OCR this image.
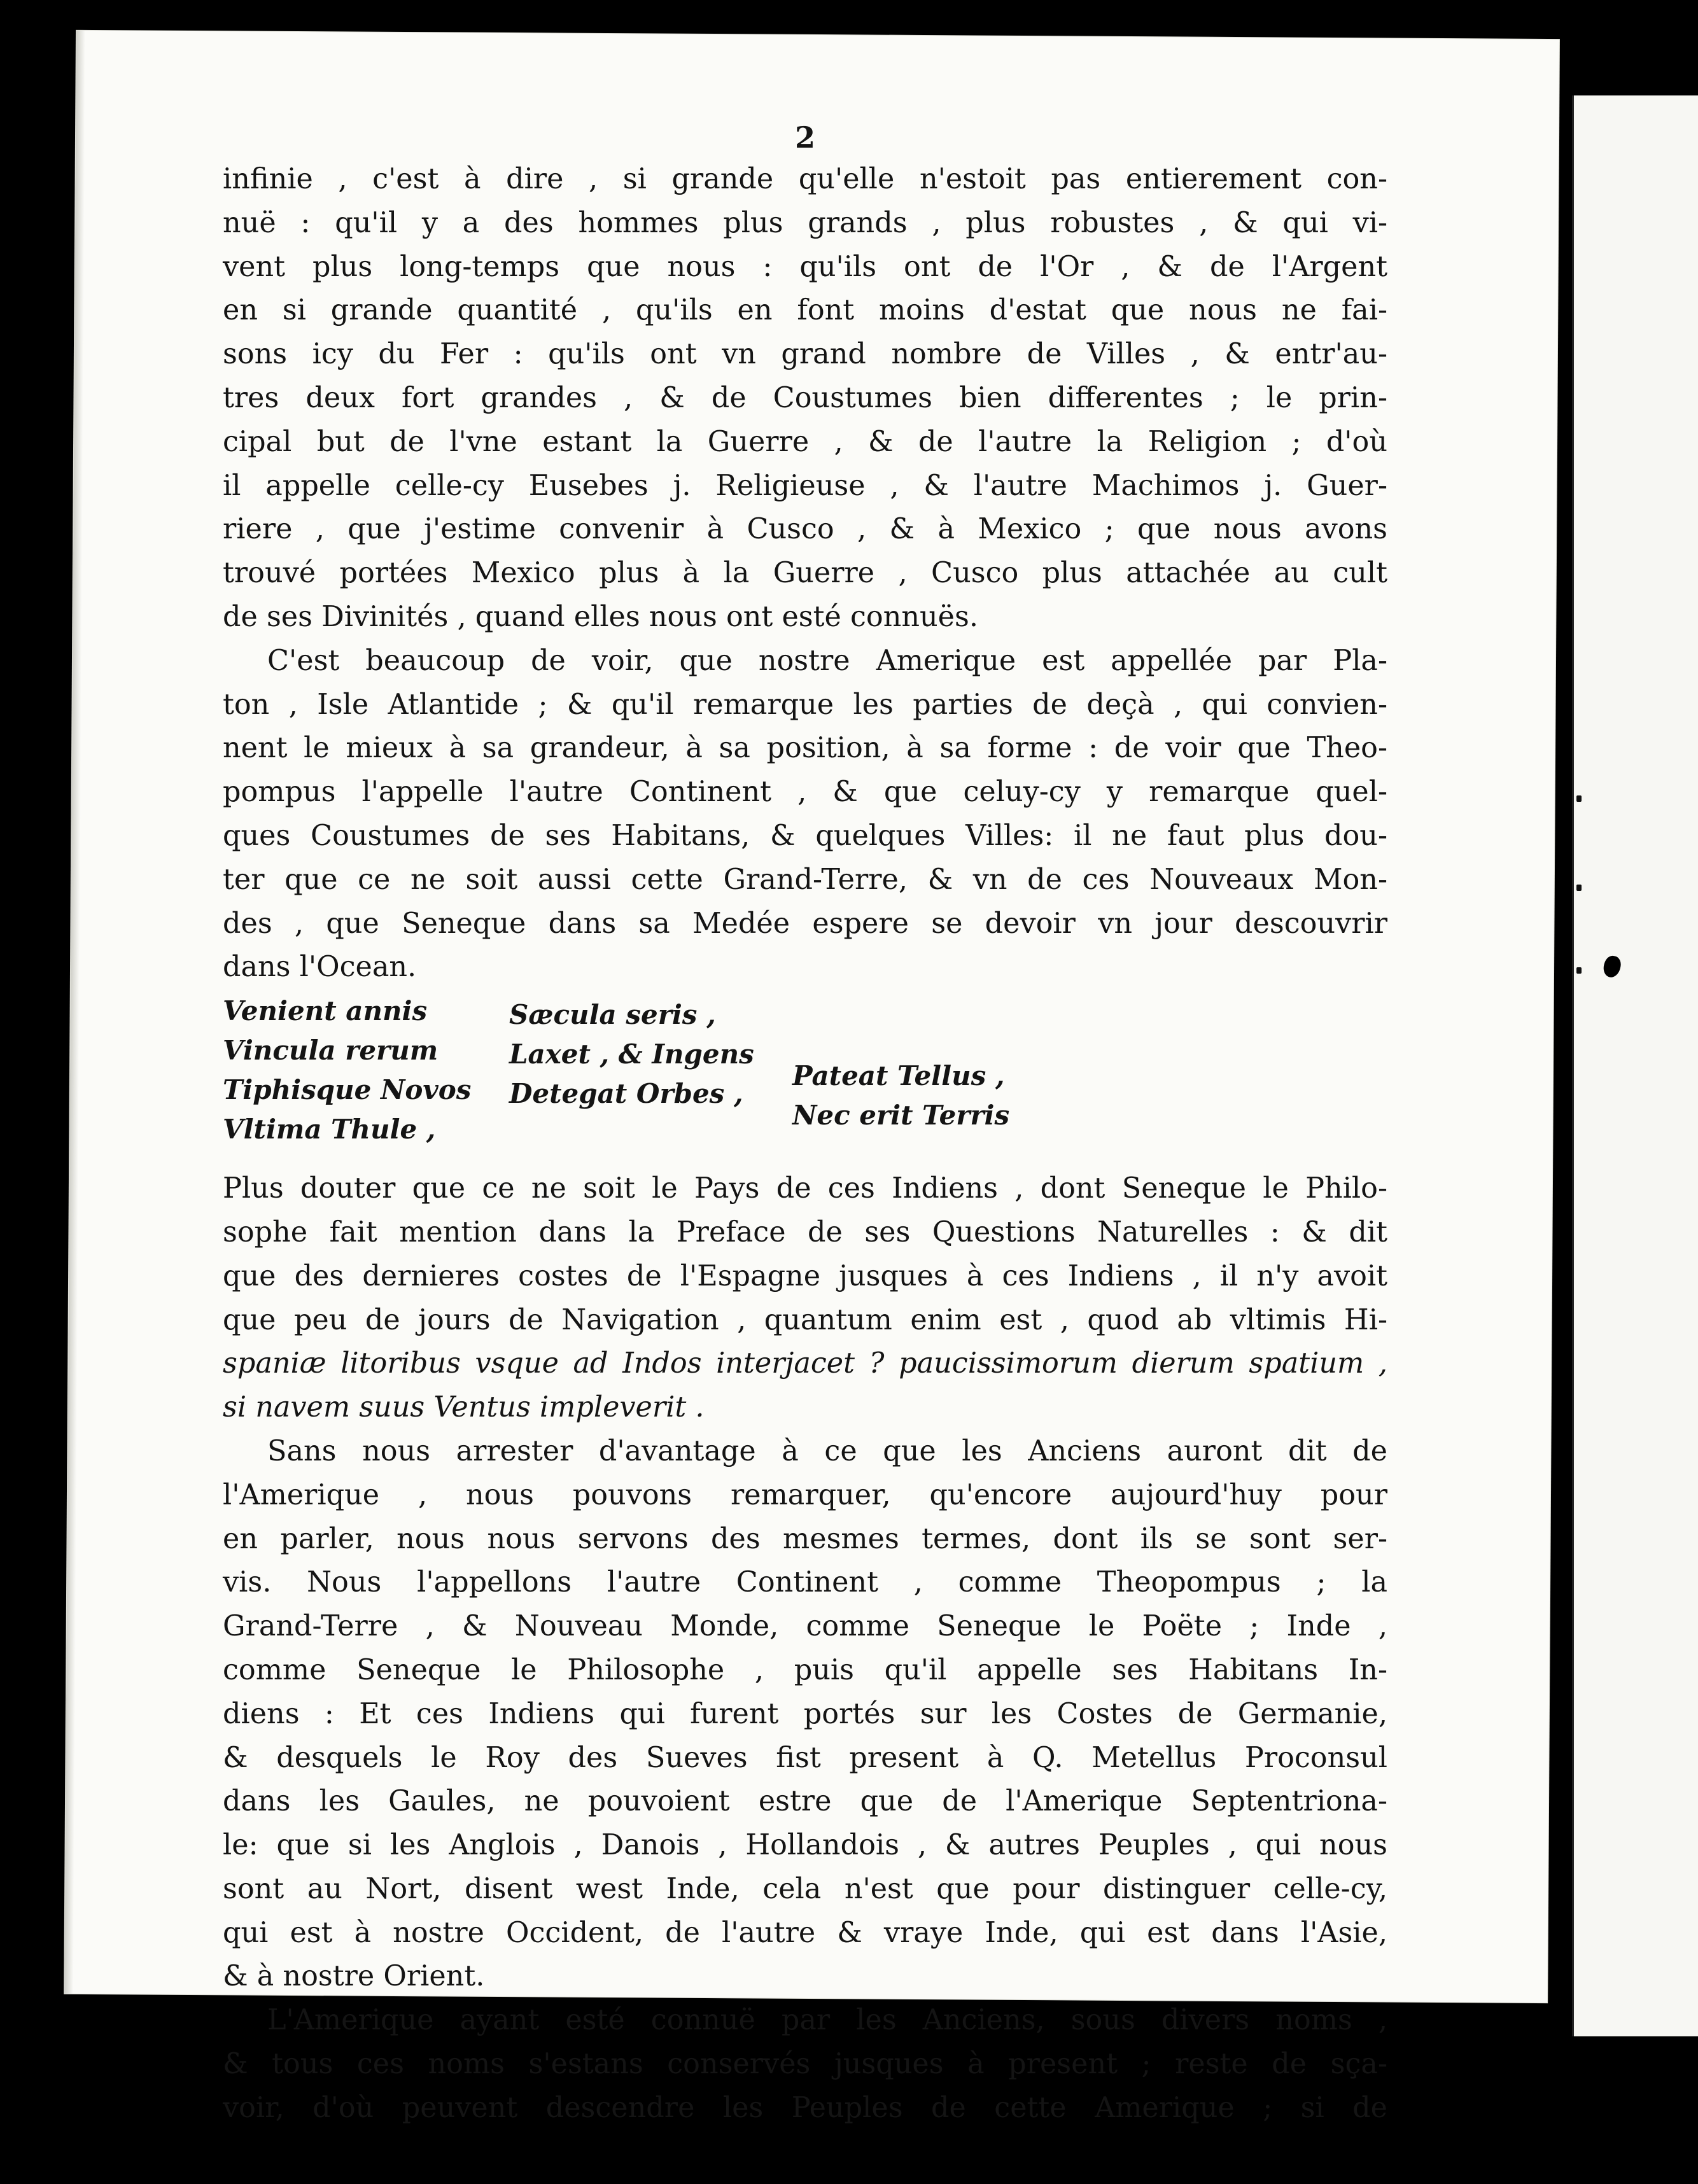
2
infinie , c'est à dire , si grande qu'elle n'estoit pas entierement con-
nuë : qu'il y a des hommes plus grands , plus robustes , & qui vi-
vent plus long-temps que nous : qu'ils ont de l'Or , & de l'Argent
en si grande quantité , qu'ils en font moins d'estat que nous ne fai-
sons icy du Fer : qu'ils ont vn grand nombre de Villes , & entr'au-
tres deux fort grandes , & de Coustumes bien differentes ; le prin-
cipal but de l'vne estant la Guerre , & de l'autre la Religion ; d'où
il appelle celle-cy Eusebes j. Religieuse , & l'autre Machimos j. Guer-
riere , que j'estime convenir à Cusco , & à Mexico ; que nous avons
trouvé portées Mexico plus à la Guerre , Cusco plus attachée au cult
de ses Divinités , quand elles nous ont esté connuës.
C'est beaucoup de voir, que nostre Amerique est appellée par Pla-
ton , Isle Atlantide ; & qu'il remarque les parties de deçà , qui convien-
nent le mieux à sa grandeur, à sa position, à sa forme : de voir que Theo-
pompus l'appelle l'autre Continent , & que celuy-cy y remarque quel-
ques Coustumes de ses Habitans, & quelques Villes: il ne faut plus dou-
ter que ce ne soit aussi cette Grand-Terre, & vn de ces Nouveaux Mon-
des , que Seneque dans sa Medée espere se devoir vn jour descouvrir
dans l'Ocean.
Venient annis	Sæcula seris ,
Vincula rerum	Laxet , & Ingens
Tiphisque Novos Detegat Orbes ,
Pateat Tellus ,
Vltima Thule ,	Nec erit Terris
Plus douter que ce ne soit le Pays de ces Indiens , dont Seneque le Philo-
sophe fait mention dans la Preface de ses Questions Naturelles : & dit
que des dernieres costes de l'Espagne jusques à ces Indiens , il n'y avoit
que peu de jours de Navigation , quantum enim est , quod ab vltimis Hi-
spaniæ litoribus vsque ad Indos interjacet ? paucissimorum dierum spatium ,
si navem suus Ventus impleverit .
Sans nous arrester d'avantage à ce que les Anciens auront dit de
l'Amerique , nous pouvons remarquer, qu'encore aujourd'huy pour
en parler, nous nous servons des mesmes termes, dont ils se sont ser-
vis. Nous l'appellons l'autre Continent , comme Theopompus ; la
Grand-Terre , & Nouveau Monde, comme Seneque le Poëte ; Inde ,
comme Seneque le Philosophe , puis qu'il appelle ses Habitans In-
diens : Et ces Indiens qui furent portés sur les Costes de Germanie,
& desquels le Roy des Sueves fist present à Q. Metellus Proconsul
dans les Gaules, ne pouvoient estre que de l'Amerique Septentriona-
le: que si les Anglois , Danois , Hollandois , & autres Peuples , qui nous
sont au Nort, disent west Inde, cela n'est que pour distinguer celle-cy,
qui est à nostre Occident, de l'autre & vraye Inde, qui est dans l'Asie,
& à nostre Orient.
L'Amerique ayant esté connuë par les Anciens, sous divers noms ,
& tous ces noms s'estans conservés jusques à present ; reste de sça-
voir, d'où peuvent descendre les Peuples de cette Amerique ; si de
